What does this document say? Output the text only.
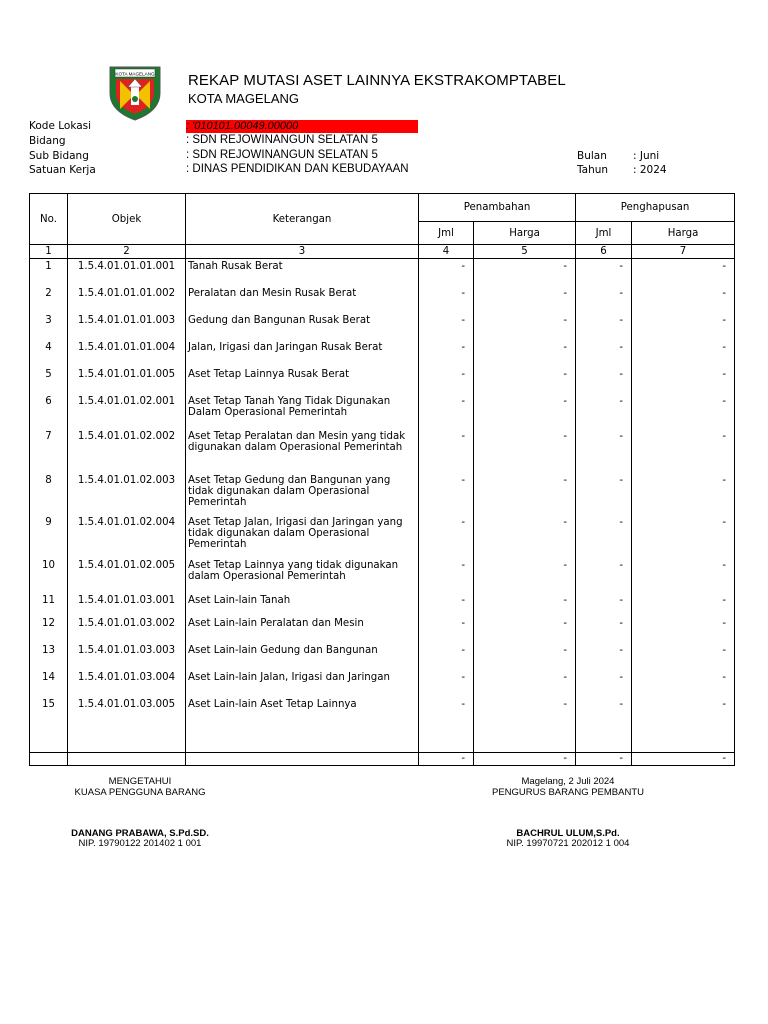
KOTA MAGELANG REKAP MUTASI ASET LAINNYA EKSTRAKOMPTABEL
KOTA MAGELANG
Kode Lokasi	: '010101.00049.00000
Bidang	: SDN REJOWINANGUN SELATAN 5
Sub Bidang	: SDN REJOWINANGUN SELATAN 5
Satuan Kerja	: DINAS PENDIDIKAN DAN KEBUDAYAAN
Bulan : Juni
Tahun : 2024
No.	Objek	Keterangan	Penambahan		Penghapusan	
			Jml	Harga	Jml	Harga
1	2	3	4	5	6	7
1	1.5.4.01.01.01.001	Tanah Rusak Berat	-	-	-	-
2	1.5.4.01.01.01.002	Peralatan dan Mesin Rusak Berat	-	-	-	-
3	1.5.4.01.01.01.003	Gedung dan Bangunan Rusak Berat	-	-	-	-
4	1.5.4.01.01.01.004	Jalan, Irigasi dan Jaringan Rusak Berat	-	-	-	-
5	1.5.4.01.01.01.005	Aset Tetap Lainnya Rusak Berat	-	-	-	-
6	1.5.4.01.01.02.001	Aset Tetap Tanah Yang Tidak Digunakan Dalam Operasional Pemerintah	-	-	-	-
7	1.5.4.01.01.02.002	Aset Tetap Peralatan dan Mesin yang tidak digunakan dalam Operasional Pemerintah	-	-	-	-
8	1.5.4.01.01.02.003	Aset Tetap Gedung dan Bangunan yang tidak digunakan dalam Operasional Pemerintah	-	-	-	-
9	1.5.4.01.01.02.004	Aset Tetap Jalan, Irigasi dan Jaringan yang tidak digunakan dalam Operasional Pemerintah	-	-	-	-
10	1.5.4.01.01.02.005	Aset Tetap Lainnya yang tidak digunakan dalam Operasional Pemerintah	-	-	-	-
11	1.5.4.01.01.03.001	Aset Lain-lain Tanah	-	-	-	-
12	1.5.4.01.01.03.002	Aset Lain-lain Peralatan dan Mesin	-	-	-	-
13	1.5.4.01.01.03.003	Aset Lain-lain Gedung dan Bangunan	-	-	-	-
14	1.5.4.01.01.03.004	Aset Lain-lain Jalan, Irigasi dan Jaringan	-	-	-	-
15	1.5.4.01.01.03.005	Aset Lain-lain Aset Tetap Lainnya	-	-	-	-

			-	-	-	-
MENGETAHUI
KUASA PENGGUNA BARANG
DANANG PRABAWA, S.Pd.SD.
NIP. 19790122 201402 1 001
Magelang, 2 Juli 2024
PENGURUS BARANG PEMBANTU
BACHRUL ULUM,S.Pd.
NIP. 19970721 202012 1 004
